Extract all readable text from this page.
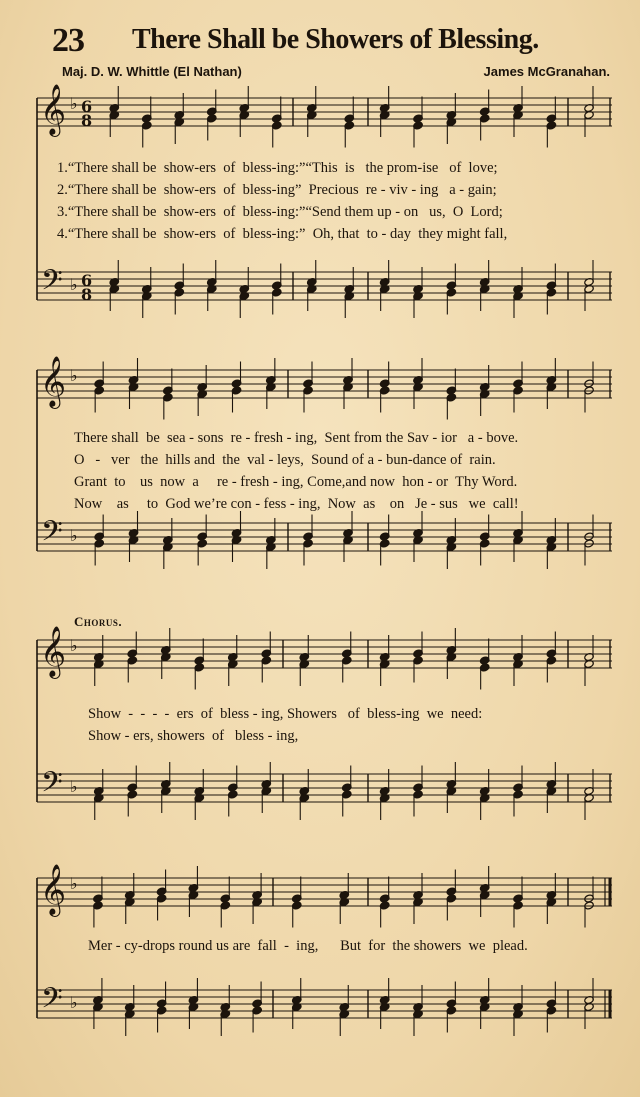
23 There Shall be Showers of Blessing.
Maj. D. W. Whittle (El Nathan)	James McGranahan.
𝄞
𝄢
♭
♭
6
8
6
8
𝄞
𝄢
♭
♭
𝄞
𝄢
♭
♭
𝄞
𝄢
♭
♭
1.“There shall be  show-ers  of  bless-ing:”“This  is   the prom-ise   of  love;
2.“There shall be  show-ers  of  bless-ing”  Precious  re - viv - ing   a - gain;
3.“There shall be  show-ers  of  bless-ing:”“Send them up - on   us,  O  Lord;
4.“There shall be  show-ers  of  bless-ing:”  Oh, that  to - day  they might fall,
There shall  be  sea - sons  re - fresh - ing,  Sent from the Sav - ior   a - bove.
O   -   ver   the  hills and  the  val - leys,  Sound of a - bun-dance of  rain.
Grant  to    us  now  a     re - fresh - ing, Come,and now  hon - or  Thy Word.
Now    as     to  God we’re con - fess - ing,  Now  as    on   Je - sus   we  call!
Chorus.
Show  -  -  -  -  ers  of  bless - ing, Showers   of  bless-ing  we  need:
Show - ers, showers  of   bless - ing,
Mer - cy-drops round us are  fall  -  ing,      But  for  the showers  we  plead.
